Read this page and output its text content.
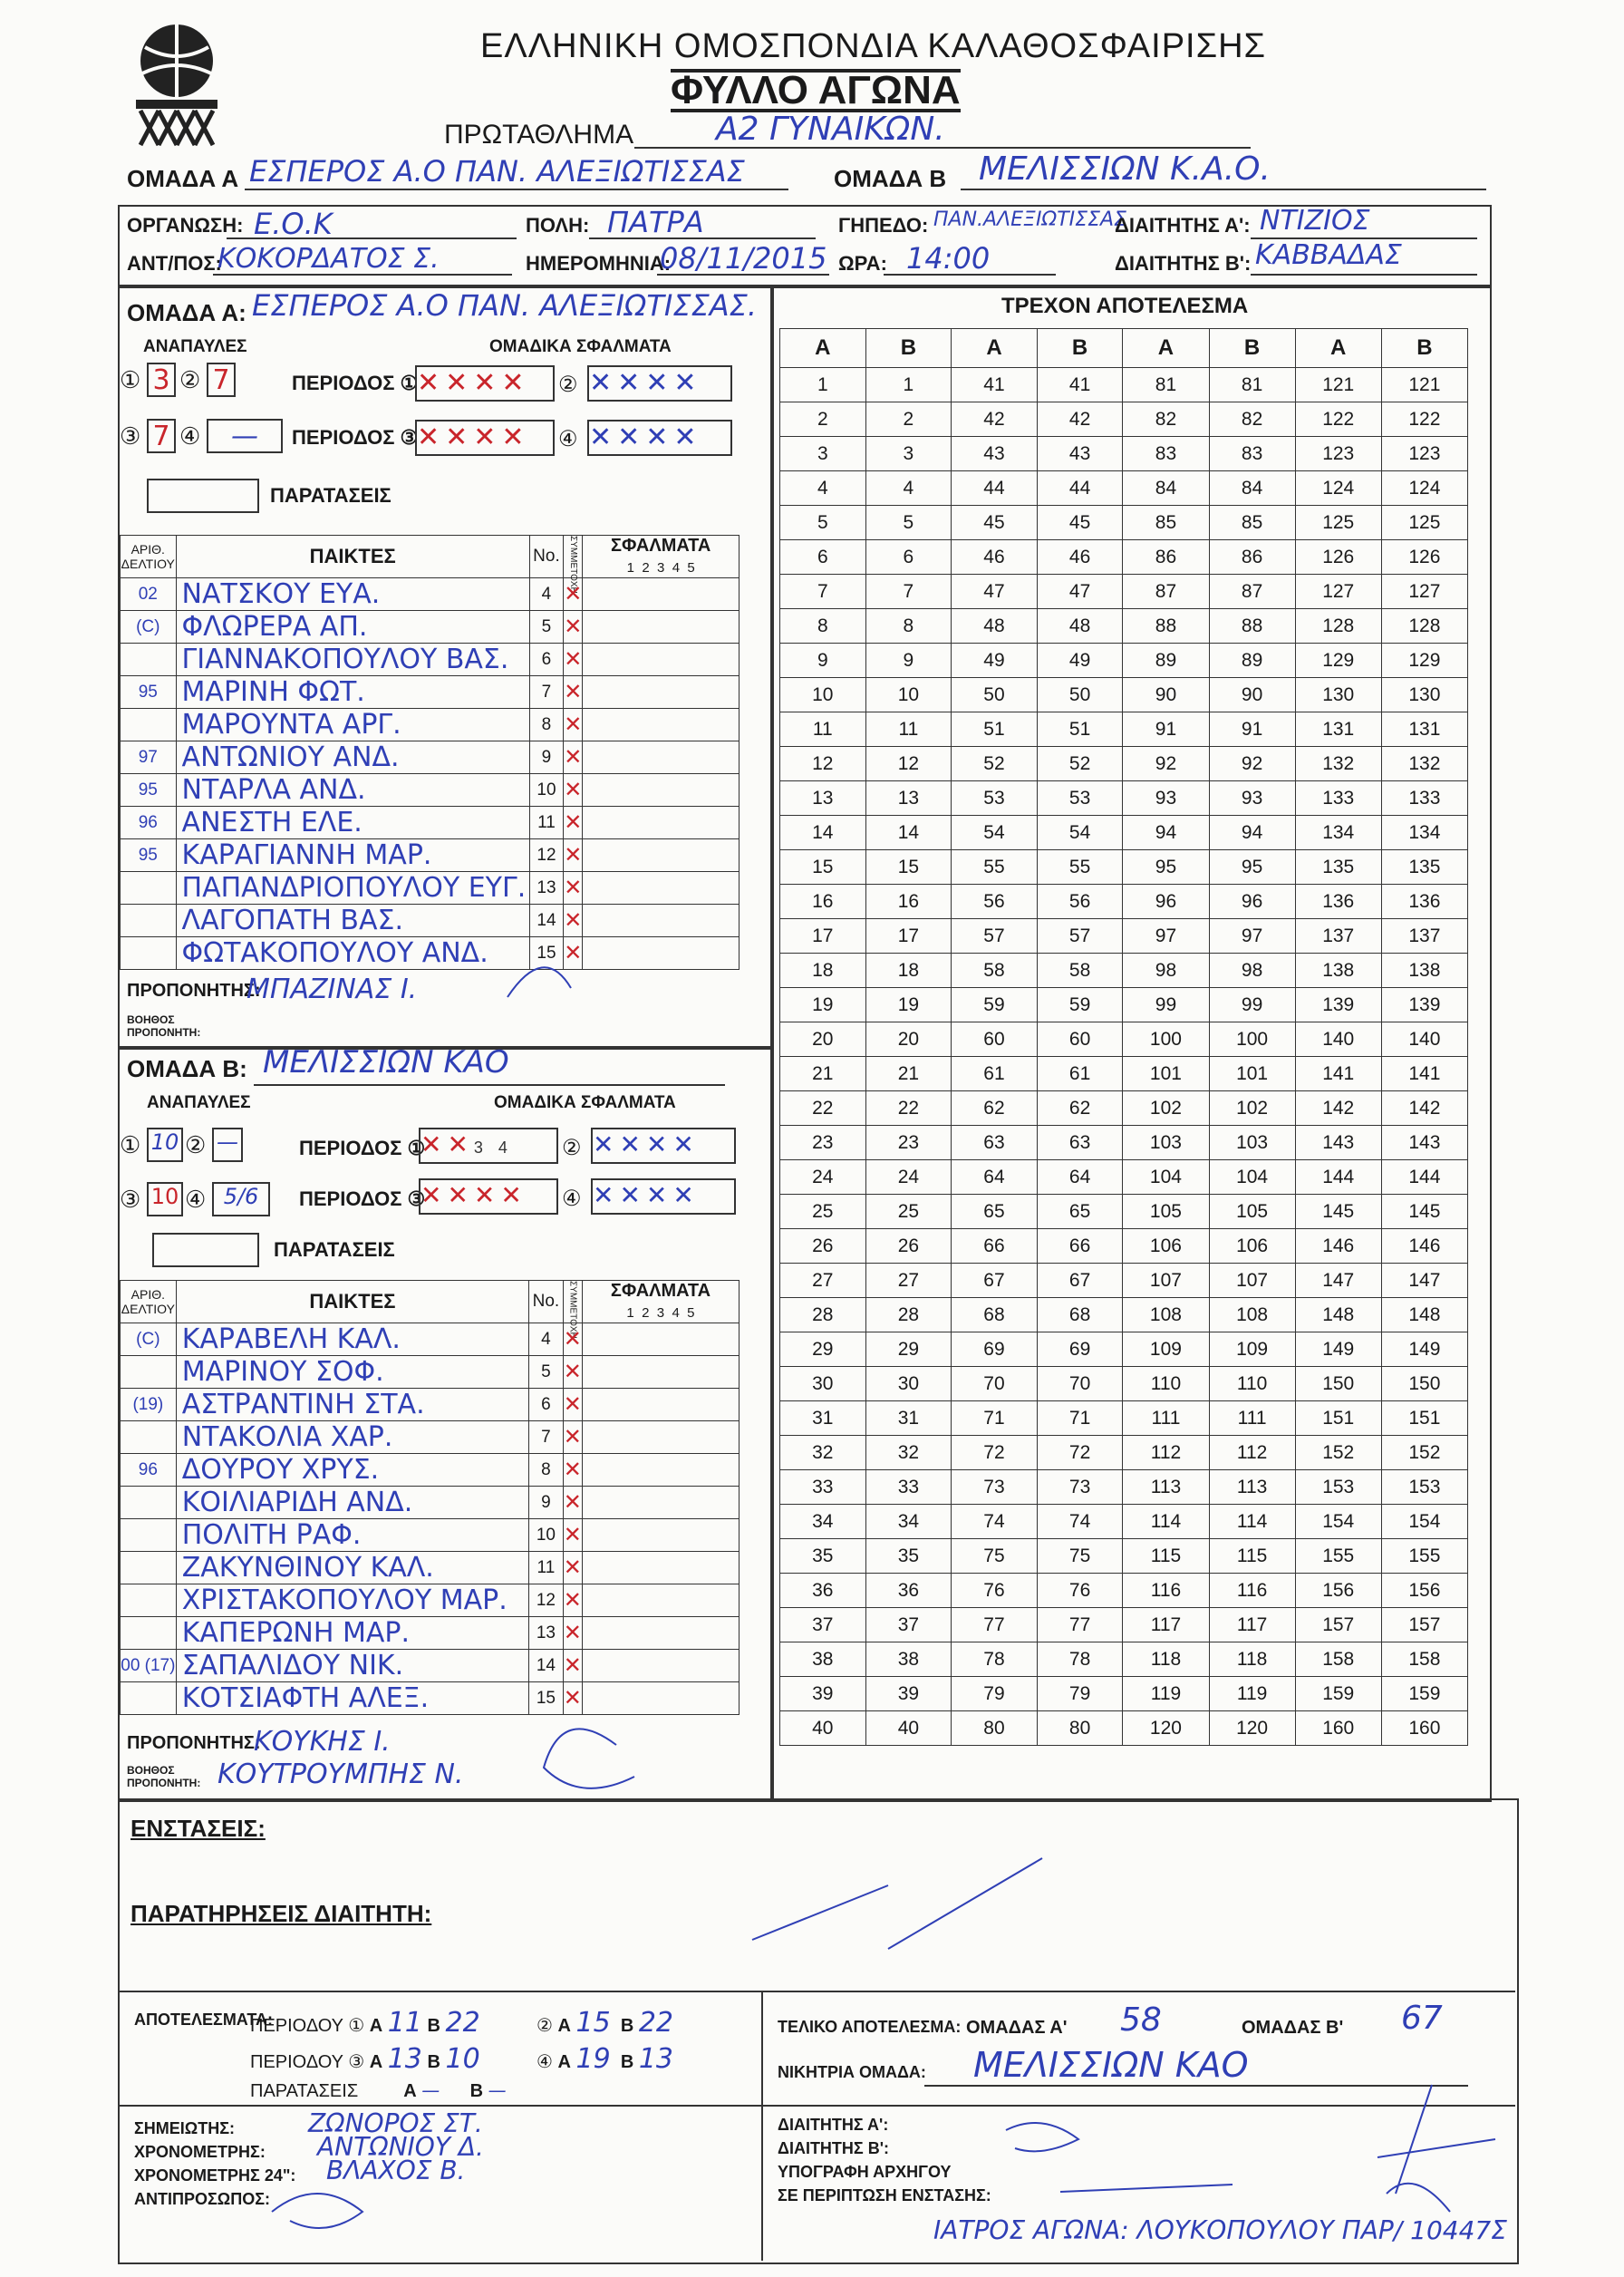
ΕΛΛΗΝΙΚΗ ΟΜΟΣΠΟΝΔΙΑ ΚΑΛΑΘΟΣΦΑΙΡΙΣΗΣ
ΦΥΛΛΟ ΑΓΩΝΑ
ΠΡΩΤΑΘΛΗΜΑ	Α2 ΓΥΝΑΙΚΩΝ.
ΟΜΑΔΑ Α ΕΣΠΕΡΟΣ Α.Ο ΠΑΝ. ΑΛΕΞΙΩΤΙΣΣΑΣ	ΟΜΑΔΑ Β ΜΕΛΙΣΣΙΩΝ Κ.Α.Ο.
ΟΡΓΑΝΩΣΗ: Ε.Ο.Κ	ΠΟΛΗ: ΠΑΤΡΑ	ΓΗΠΕΔΟ: ΠΑΝ.ΑΛΕΞΙΩΤΙΣΣΑΣ
ΔΙΑΙΤΗΤΗΣ Α': ΝΤΙΖΙΟΣ
ΑΝΤ/ΠΟΣ:
ΚΟΚΟΡΔΑΤΟΣ Σ.	ΗΜΕΡΟΜΗΝΙΑ:
08/11/2015 ΩΡΑ: 14:00	ΔΙΑΙΤΗΤΗΣ Β': ΚΑΒΒΑΔΑΣ
ΟΜΑΔΑ Α: ΕΣΠΕΡΟΣ Α.Ο ΠΑΝ. ΑΛΕΞΙΩΤΙΣΣΑΣ.
ΑΝΑΠΑΥΛΕΣ	ΟΜΑΔΙΚΑ ΣΦΑΛΜΑΤΑ
① 3 ② 7
③ 7 ④	—
ΠΕΡΙΟΔΟΣ ①
✕✕✕✕	② ✕✕✕✕
ΠΕΡΙΟΔΟΣ ③
✕✕✕✕	④ ✕✕✕✕
ΠΑΡΑΤΑΣΕΙΣ
ΑΡΙΘ. ΔΕΛΤΙΟΥ	ΠΑΙΚΤΕΣ	No.	ΣΥΜΜΕΤΟΧΗ	ΣΦΑΛΜΑΤΑ
1 2 3 4 5
02	ΝΑΤΣΚΟΥ ΕΥΑ.	4	✕	
(C)	ΦΛΩΡΕΡΑ ΑΠ.	5	✕	
	ΓΙΑΝΝΑΚΟΠΟΥΛΟΥ ΒΑΣ.	6	✕	
95	ΜΑΡΙΝΗ ΦΩΤ.	7	✕	
	ΜΑΡΟΥΝΤΑ ΑΡΓ.	8	✕	
97	ΑΝΤΩΝΙΟΥ ΑΝΔ.	9	✕	
95	ΝΤΑΡΛΑ ΑΝΔ.	10	✕	
96	ΑΝΕΣΤΗ ΕΛΕ.	11	✕	
95	ΚΑΡΑΓΙΑΝΝΗ ΜΑΡ.	12	✕	
	ΠΑΠΑΝΔΡΙΟΠΟΥΛΟΥ ΕΥΓ.	13	✕	
	ΛΑΓΟΠΑΤΗ ΒΑΣ.	14	✕	
	ΦΩΤΑΚΟΠΟΥΛΟΥ ΑΝΔ.	15	✕	
ΠΡΟΠΟΝΗΤΗΣ:
ΜΠΑΖΙΝΑΣ Ι.
ΒΟΗΘΟΣ ΠΡΟΠΟΝΗΤΗ:
ΟΜΑΔΑ Β: ΜΕΛΙΣΣΙΩΝ ΚΑΟ
ΑΝΑΠΑΥΛΕΣ	ΟΜΑΔΙΚΑ ΣΦΑΛΜΑΤΑ
① 10 ② —
③ 10 ④ 5/6
ΠΕΡΙΟΔΟΣ ①
✕✕3 4	② ✕✕✕✕
ΠΕΡΙΟΔΟΣ ③
✕✕✕✕	④ ✕✕✕✕
ΠΑΡΑΤΑΣΕΙΣ
ΑΡΙΘ. ΔΕΛΤΙΟΥ	ΠΑΙΚΤΕΣ	No.	ΣΥΜΜΕΤΟΧΗ	ΣΦΑΛΜΑΤΑ
1 2 3 4 5
(C)	ΚΑΡΑΒΕΛΗ ΚΑΛ.	4	✕	
	ΜΑΡΙΝΟΥ ΣΟΦ.	5	✕	
(19)	ΑΣΤΡΑΝΤΙΝΗ ΣΤΑ.	6	✕	
	ΝΤΑΚΟΛΙΑ ΧΑΡ.	7	✕	
96	ΔΟΥΡΟΥ ΧΡΥΣ.	8	✕	
	ΚΟΙΛΙΑΡΙΔΗ ΑΝΔ.	9	✕	
	ΠΟΛΙΤΗ ΡΑΦ.	10	✕	
	ΖΑΚΥΝΘΙΝΟΥ ΚΑΛ.	11	✕	
	ΧΡΙΣΤΑΚΟΠΟΥΛΟΥ ΜΑΡ.	12	✕	
	ΚΑΠΕΡΩΝΗ ΜΑΡ.	13	✕	
00 (17)	ΣΑΠΑΛΙΔΟΥ ΝΙΚ.	14	✕	
	ΚΟΤΣΙΑΦΤΗ ΑΛΕΞ.	15	✕	
ΠΡΟΠΟΝΗΤΗΣ:
ΚΟΥΚΗΣ Ι.
ΒΟΗΘΟΣ ΠΡΟΠΟΝΗΤΗ: ΚΟΥΤΡΟΥΜΠΗΣ Ν.
ΤΡΕΧΟΝ ΑΠΟΤΕΛΕΣΜΑ
Α	Β	Α	Β	Α	Β	Α	Β
1	1	41	41	81	81	121	121
2	2	42	42	82	82	122	122
3	3	43	43	83	83	123	123
4	4	44	44	84	84	124	124
5	5	45	45	85	85	125	125
6	6	46	46	86	86	126	126
7	7	47	47	87	87	127	127
8	8	48	48	88	88	128	128
9	9	49	49	89	89	129	129
10	10	50	50	90	90	130	130
11	11	51	51	91	91	131	131
12	12	52	52	92	92	132	132
13	13	53	53	93	93	133	133
14	14	54	54	94	94	134	134
15	15	55	55	95	95	135	135
16	16	56	56	96	96	136	136
17	17	57	57	97	97	137	137
18	18	58	58	98	98	138	138
19	19	59	59	99	99	139	139
20	20	60	60	100	100	140	140
21	21	61	61	101	101	141	141
22	22	62	62	102	102	142	142
23	23	63	63	103	103	143	143
24	24	64	64	104	104	144	144
25	25	65	65	105	105	145	145
26	26	66	66	106	106	146	146
27	27	67	67	107	107	147	147
28	28	68	68	108	108	148	148
29	29	69	69	109	109	149	149
30	30	70	70	110	110	150	150
31	31	71	71	111	111	151	151
32	32	72	72	112	112	152	152
33	33	73	73	113	113	153	153
34	34	74	74	114	114	154	154
35	35	75	75	115	115	155	155
36	36	76	76	116	116	156	156
37	37	77	77	117	117	157	157
38	38	78	78	118	118	158	158
39	39	79	79	119	119	159	159
40	40	80	80	120	120	160	160
ΕΝΣΤΑΣΕΙΣ:
ΠΑΡΑΤΗΡΗΣΕΙΣ ΔΙΑΙΤΗΤΗ:
ΑΠΟΤΕΛΕΣΜΑΤΑ:
ΠΕΡΙΟΔΟΥ ① Α 11 Β 22	② Α 15 Β 22
ΠΕΡΙΟΔΟΥ ③ Α 13 Β 10	④ Α 19 Β 13
ΠΑΡΑΤΑΣΕΙΣ	Α — Β —
ΣΗΜΕΙΩΤΗΣ:	ΖΩΝΟΡΟΣ ΣΤ.
ΧΡΟΝΟΜΕΤΡΗΣ: ΑΝΤΩΝΙΟΥ Δ.
ΧΡΟΝΟΜΕΤΡΗΣ 24": ΒΛΑΧΟΣ Β.
ΑΝΤΙΠΡΟΣΩΠΟΣ:
ΤΕΛΙΚΟ ΑΠΟΤΕΛΕΣΜΑ: ΟΜΑΔΑΣ Α' 58	ΟΜΑΔΑΣ Β' 67
ΝΙΚΗΤΡΙΑ ΟΜΑΔΑ: ΜΕΛΙΣΣΙΩΝ ΚΑΟ
ΔΙΑΙΤΗΤΗΣ Α':
ΔΙΑΙΤΗΤΗΣ Β':
ΥΠΟΓΡΑΦΗ ΑΡΧΗΓΟΥ
ΣΕ ΠΕΡΙΠΤΩΣΗ ΕΝΣΤΑΣΗΣ:
ΙΑΤΡΟΣ ΑΓΩΝΑ: ΛΟΥΚΟΠΟΥΛΟΥ ΠΑΡ/ 10447Σ
